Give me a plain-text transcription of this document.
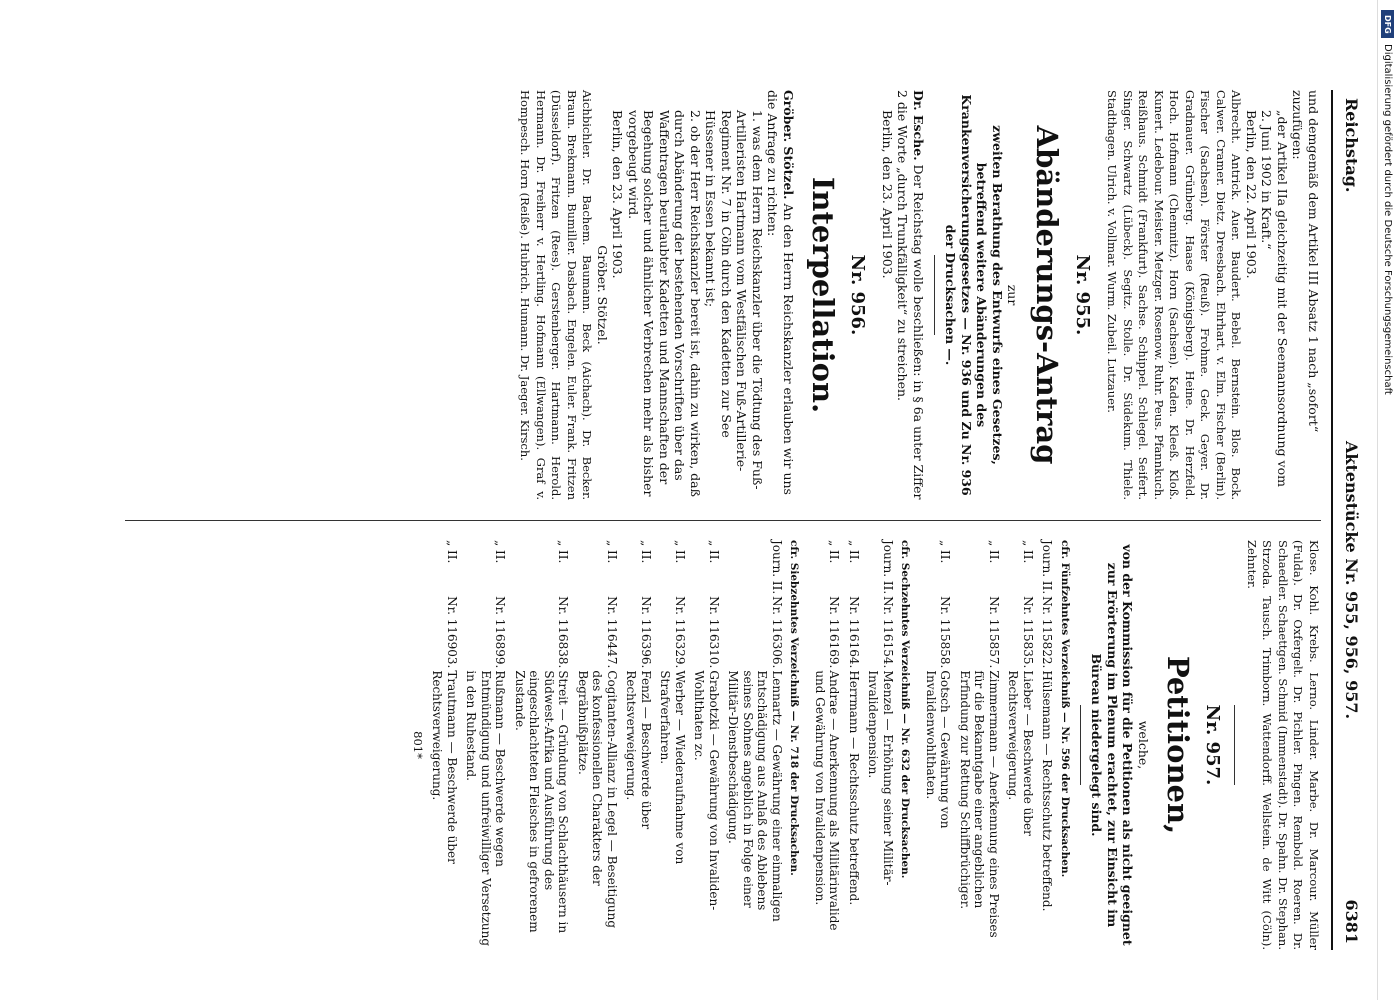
Reichstag.
Aktenstücke Nr. 955, 956, 957.
6381

und demgemäß dem Artikel III Absatz 1 nach „sofort“ zuzufügen:

„der Artikel IIa gleichzeitig mit der Seemannsordnung vom 2. Juni 1902 in Kraft.“

Berlin, den 22. April 1903.

Albrecht. Antrick. Auer. Baudert. Bebel. Bernstein. Blos. Bock. Calwer. Cramer. Dietz. Dreesbach. Ehrhart. v. Elm. Fischer (Berlin). Fischer (Sachsen). Förster (Reuß). Frohme. Geck. Geyer. Dr. Gradnauer. Grünberg. Haase (Königsberg). Heine. Dr. Herzfeld. Hoch. Hofmann (Chemnitz). Horn (Sachsen). Kaden. Kleeß. Kloß. Kunert. Ledebour. Meister. Metzger. Rosenow. Ruhr. Peus. Pfannkuch. Reißhaus. Schmidt (Frankfurt). Sachse. Schippel. Schlegel. Seifert. Singer. Schwartz (Lübeck). Segitz. Stolle. Dr. Südekum. Thiele. Stadthagen. Ulrich. v. Vollmar. Wurm. Zubeil. Lutzauer.

Nr. 955.
Abänderungs-Antrag

zur

zweiten Berathung des Entwurfs eines Gesetzes, betreffend weitere Abänderungen des Krankenversicherungsgesetzes — Nr. 936 und Zu Nr. 936 der Drucksachen —.

Dr. Esche. Der Reichstag wolle beschließen: in § 6a unter Ziffer 2 die Worte „durch Trunkfälligkeit“ zu streichen.

Berlin, den 23. April 1903.

Nr. 956.
Interpellation.

Gröber. Stötzel. An den Herrn Reichskanzler erlauben wir uns die Anfrage zu richten:

1. was dem Herrn Reichskanzler über die Tödtung des Fuß-Artilleristen Hartmann vom Westfälischen Fuß-Artillerie-Regiment Nr. 7 in Cöln durch den Kadetten zur See Hüssener in Essen bekannt ist;

2. ob der Herr Reichskanzler bereit ist, dahin zu wirken, daß durch Abänderung der bestehenden Vorschriften über das Waffentragen beurlaubter Kadetten und Mannschaften der Begehung solcher und ähnlicher Verbrechen mehr als bisher vorgebeugt wird.

Berlin, den 23. April 1903.

Gröber. Stötzel.

Aichbichler. Dr. Bachem. Baumann. Beck (Aichach). Dr. Becker. Braun. Brekmann. Bumiller. Dasbach. Engelen. Euler. Frank. Fritzen (Düsseldorf). Fritzen (Rees). Gerstenberger. Hartmann. Herold. Hermann. Dr. Freiherr v. Hertling. Hofmann (Ellwangen). Graf v. Hompesch. Horn (Reiße). Hubrich. Humann. Dr. Jaeger. Kirsch.

Klose. Kohl. Krebs. Lerno. Linder. Marbe. Dr. Marcour. Müller (Fulda). Dr. Oxfergelt. Dr. Pichler. Pingen. Rembold. Roeren. Dr. Schaedler. Schaettgen. Schmid (Immenstadt). Dr. Spahn. Dr. Stephan. Strzoda. Tausch. Trimborn. Wattendorff. Wellstein. de Witt (Cöln). Zehnter.

Nr. 957.
Petitionen,

welche,

von der Kommission für die Petitionen als nicht geeignet zur Erörterung im Plenum erachtet, zur Einsicht im Büreau niedergelegt sind.

cfr. Fünfzehntes Verzeichniß — Nr. 596 der Drucksachen.
Journ. II.	Nr. 115822.	Hülsemann — Rechtsschutz betreffend.
„ II.	Nr. 115835.	Lieber — Beschwerde über Rechtsverweigerung.
„ II.	Nr. 115857.	Zimmermann — Anerkennung eines Preises für die Bekanntgabe einer angeblichen Erfindung zur Rettung Schiffbrüchiger.
„ II.	Nr. 115858.	Gotsch — Gewährung von Invalidenwohlthaten.
cfr. Sechzehntes Verzeichniß — Nr. 632 der Drucksachen.
Journ. II.	Nr. 116154.	Menzel — Erhöhung seiner Militär-Invalidenpension.
„ II.	Nr. 116164.	Herrmann — Rechtsschutz betreffend.
„ II.	Nr. 116169.	Andrae — Anerkennung als Militärinvalide und Gewährung von Invalidenpension.
cfr. Siebzehntes Verzeichniß — Nr. 718 der Drucksachen.
Journ. II.	Nr. 116306.	Lennartz — Gewährung einer einmaligen Entschädigung aus Anlaß des Ablebens seines Sohnes angeblich in Folge einer Militär-Dienstbeschädigung.
„ II.	Nr. 116310.	Grabotzki — Gewährung von Invaliden-Wohlthaten zc.
„ II.	Nr. 116329.	Werber — Wiederaufnahme von Strafverfahren.
„ II.	Nr. 116396.	Fenzl — Beschwerde über Rechtsverweigerung.
„ II.	Nr. 116447.	Cogitanten-Allianz in Legel — Beseitigung des konfessionellen Charakters der Begräbnißplätze.
„ II.	Nr. 116838.	Streit — Gründung von Schlachthäusern in Südwest-Afrika und Ausführung des eingeschlachteten Fleisches in gefrorenem Zustande.
„ II.	Nr. 116899.	Rußmann — Beschwerde wegen Entmündigung und unfreiwilliger Versetzung in den Ruhestand.
„ II.	Nr. 116903.	Trautmann — Beschwerde über Rechtsverweigerung.

801*

DFG
Digitalisierung gefördert durch die Deutsche Forschungsgemeinschaft
